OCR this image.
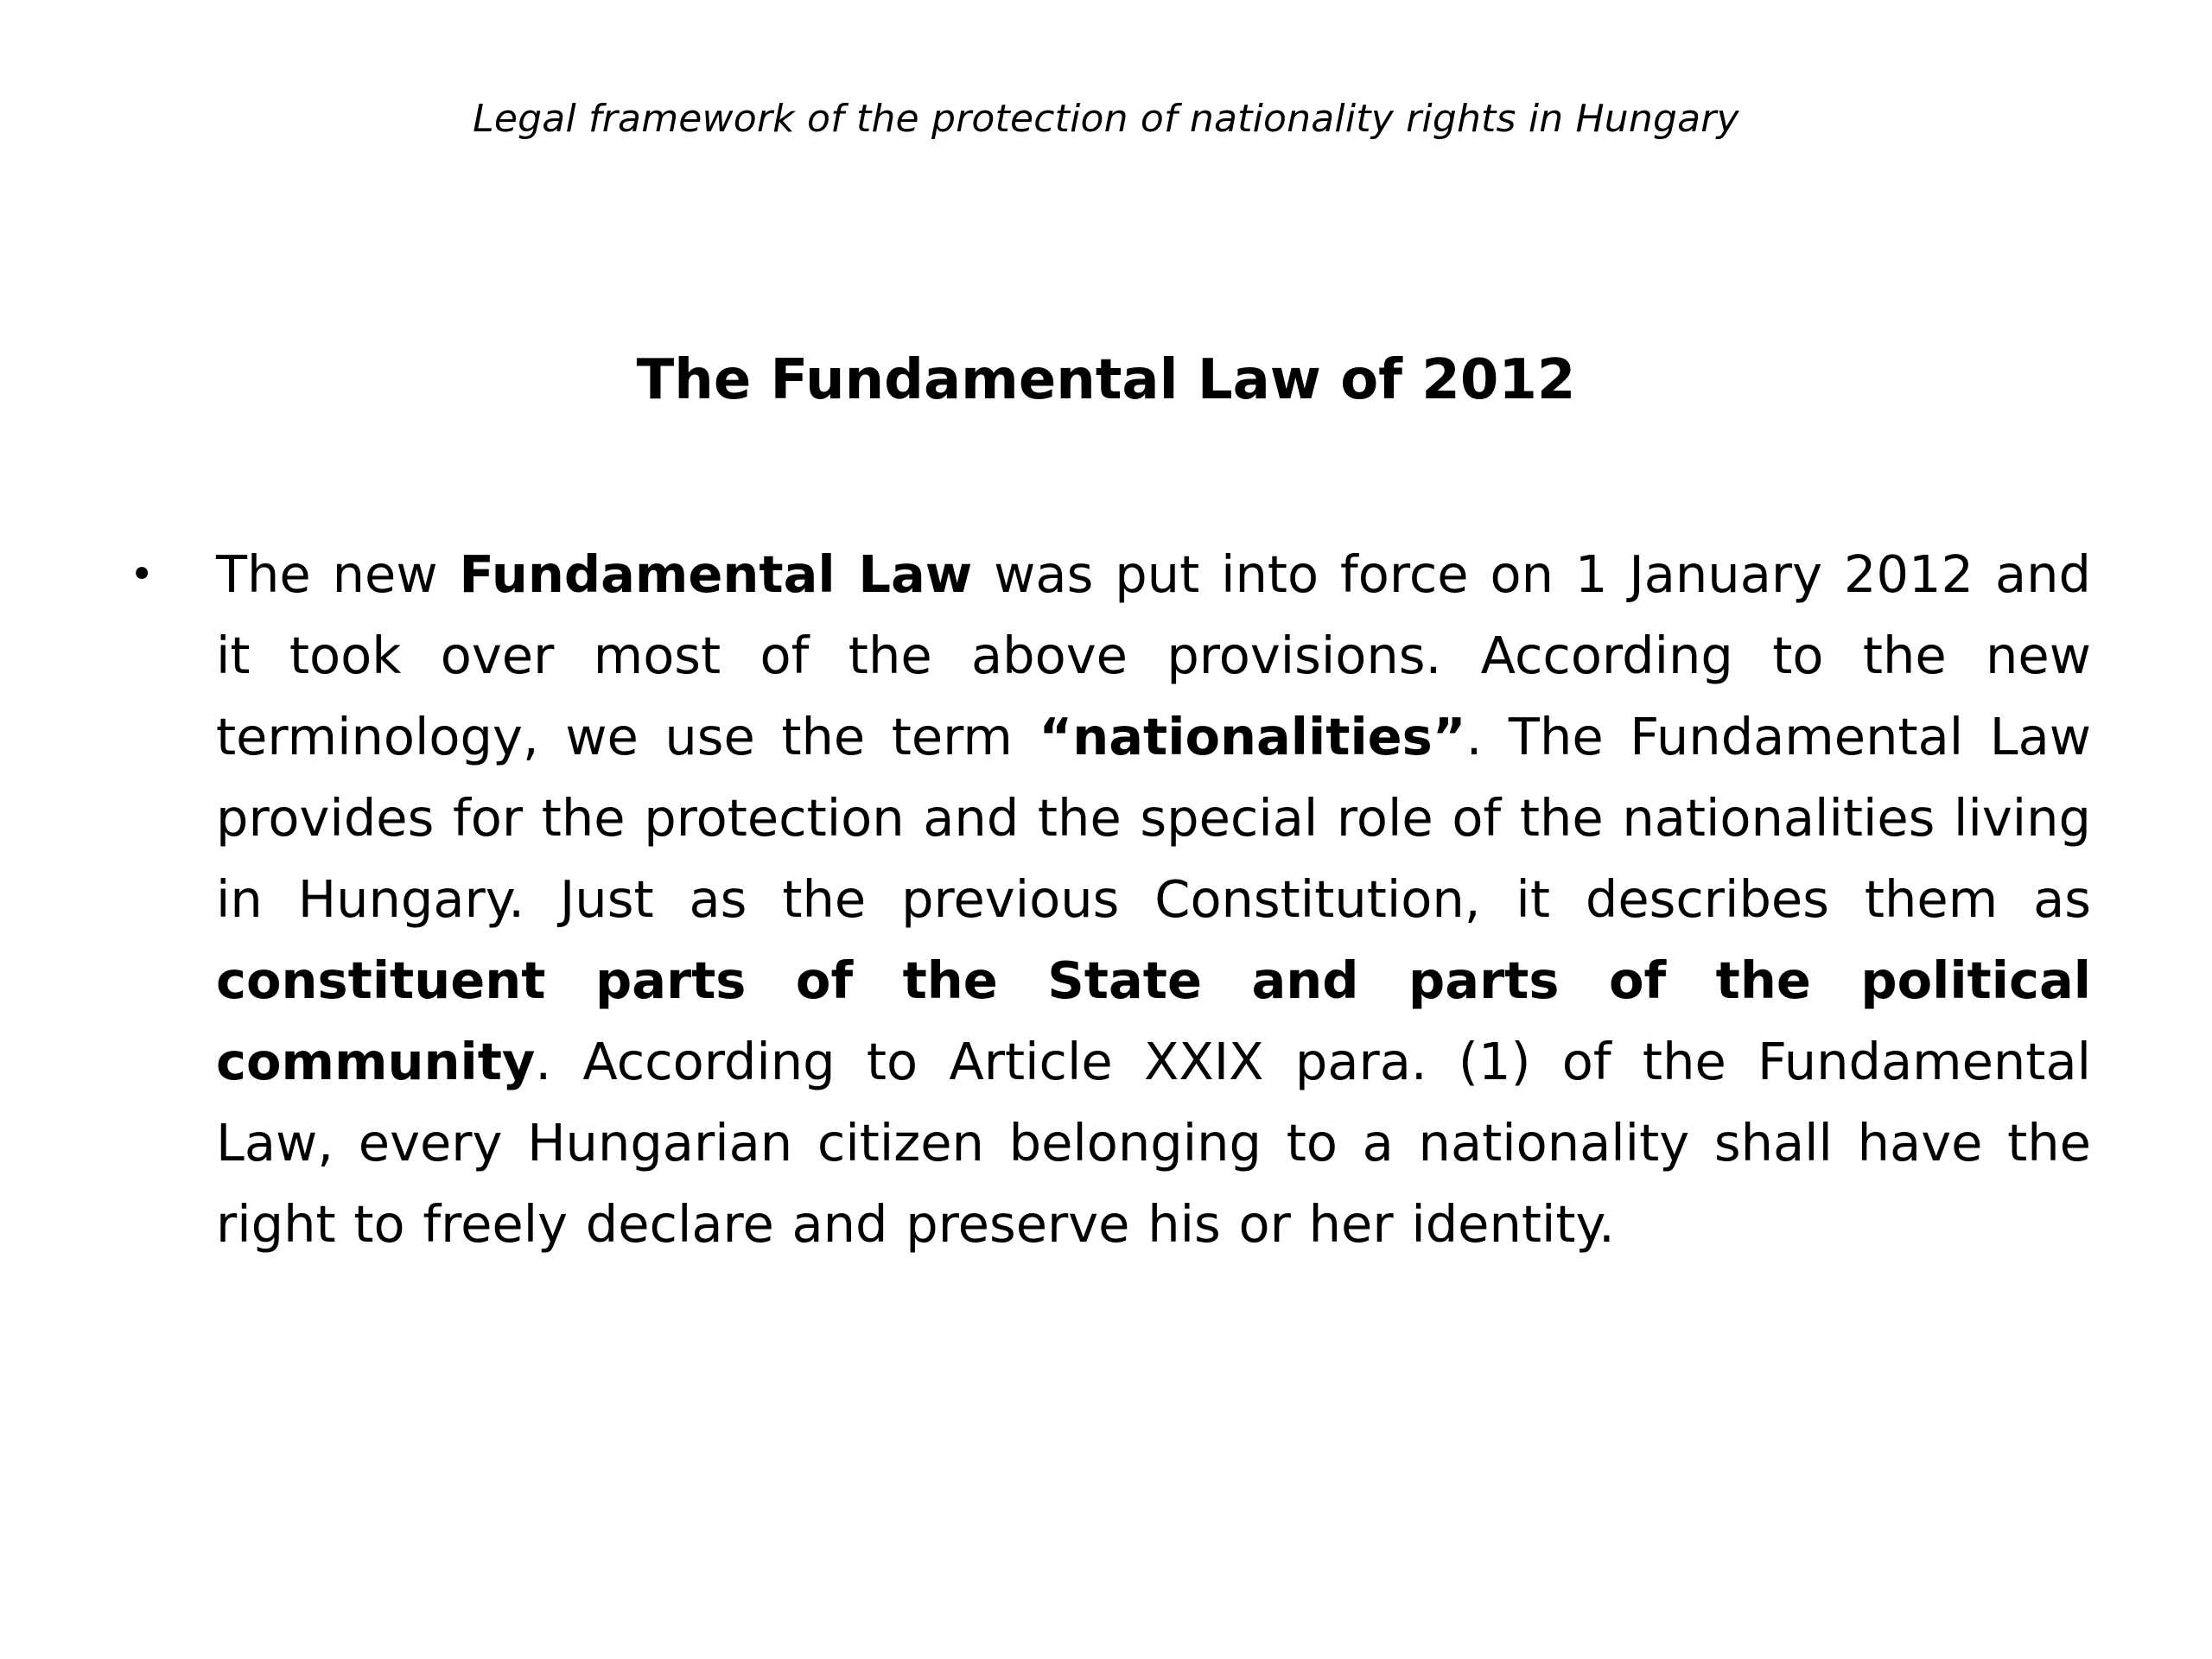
Legal framework of the protection of nationality rights in Hungary
The Fundamental Law of 2012
•	The new Fundamental Law was put into force on 1 January 2012 and it took over most of the above provisions. According to the new terminology, we use the term “nationalities”. The Fundamental Law provides for the protection and the special role of the nationalities living in Hungary. Just as the previous Constitution, it describes them as constituent parts of the State and parts of the political community. According to Article XXIX para. (1) of the Fundamental Law, every Hungarian citizen belonging to a nationality shall have the right to freely declare and preserve his or her identity.
